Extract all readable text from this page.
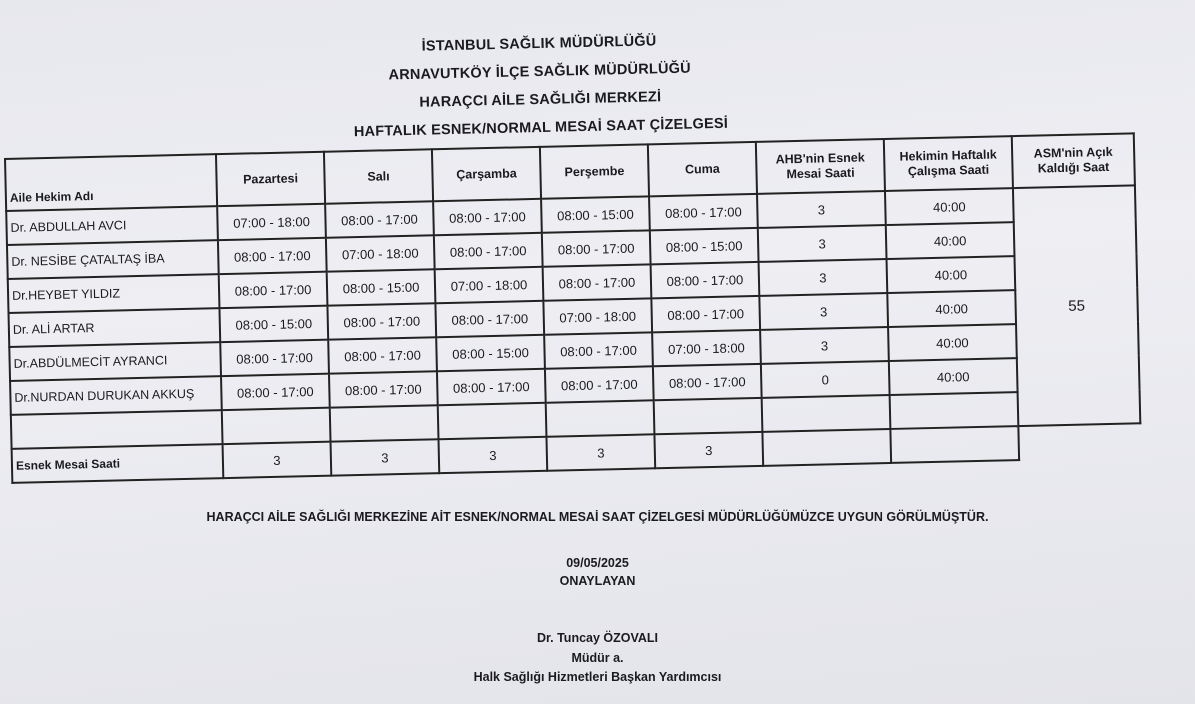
İSTANBUL SAĞLIK MÜDÜRLÜĞÜ
ARNAVUTKÖY İLÇE SAĞLIK MÜDÜRLÜĞÜ
HARAÇCI AİLE SAĞLIĞI MERKEZİ
HAFTALIK ESNEK/NORMAL MESAİ SAAT ÇİZELGESİ
Aile Hekim Adı	Pazartesi	Salı	Çarşamba	Perşembe	Cuma	AHB'nin Esnek Mesai Saati	Hekimin Haftalık Çalışma Saati	ASM'nin Açık Kaldığı Saat
Dr. ABDULLAH AVCI	07:00 - 18:00	08:00 - 17:00	08:00 - 17:00	08:00 - 15:00	08:00 - 17:00	3	40:00	55
Dr. NESİBE ÇATALTAŞ İBA	08:00 - 17:00	07:00 - 18:00	08:00 - 17:00	08:00 - 17:00	08:00 - 15:00	3	40:00	
Dr.HEYBET YILDIZ	08:00 - 17:00	08:00 - 15:00	07:00 - 18:00	08:00 - 17:00	08:00 - 17:00	3	40:00	
Dr. ALİ ARTAR	08:00 - 15:00	08:00 - 17:00	08:00 - 17:00	07:00 - 18:00	08:00 - 17:00	3	40:00	
Dr.ABDÜLMECİT AYRANCI	08:00 - 17:00	08:00 - 17:00	08:00 - 15:00	08:00 - 17:00	07:00 - 18:00	3	40:00	
Dr.NURDAN DURUKAN AKKUŞ	08:00 - 17:00	08:00 - 17:00	08:00 - 17:00	08:00 - 17:00	08:00 - 17:00	0	40:00	

Esnek Mesai Saati	3	3	3	3	3			
HARAÇCI AİLE SAĞLIĞI MERKEZİNE AİT ESNEK/NORMAL MESAİ SAAT ÇİZELGESİ MÜDÜRLÜĞÜMÜZCE UYGUN GÖRÜLMÜŞTÜR.
09/05/2025
ONAYLAYAN
Dr. Tuncay ÖZOVALI
Müdür a.
Halk Sağlığı Hizmetleri Başkan Yardımcısı
